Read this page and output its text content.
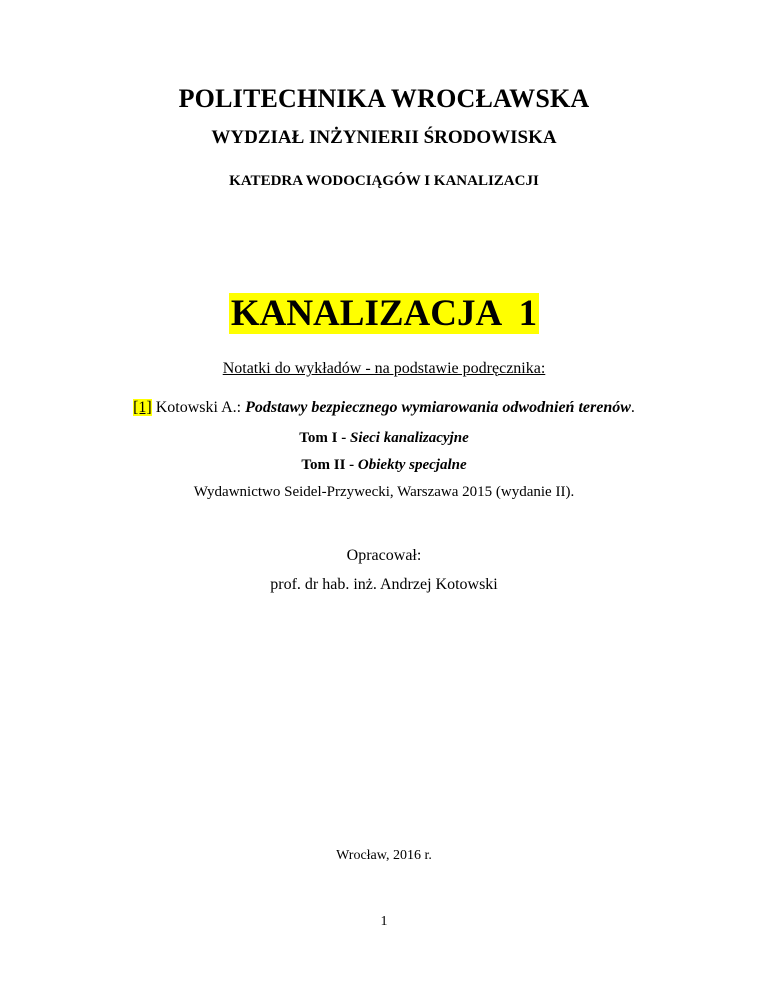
POLITECHNIKA WROCŁAWSKA
WYDZIAŁ INŻYNIERII ŚRODOWISKA
KATEDRA WODOCIĄGÓW I KANALIZACJI
KANALIZACJA  1
Notatki do wykładów - na podstawie podręcznika:
[1] Kotowski A.: Podstawy bezpiecznego wymiarowania odwodnień terenów.
Tom I - Sieci kanalizacyjne
Tom II - Obiekty specjalne
Wydawnictwo Seidel-Przywecki, Warszawa 2015 (wydanie II).
Opracował:
prof. dr hab. inż. Andrzej Kotowski
Wrocław, 2016 r.
1
